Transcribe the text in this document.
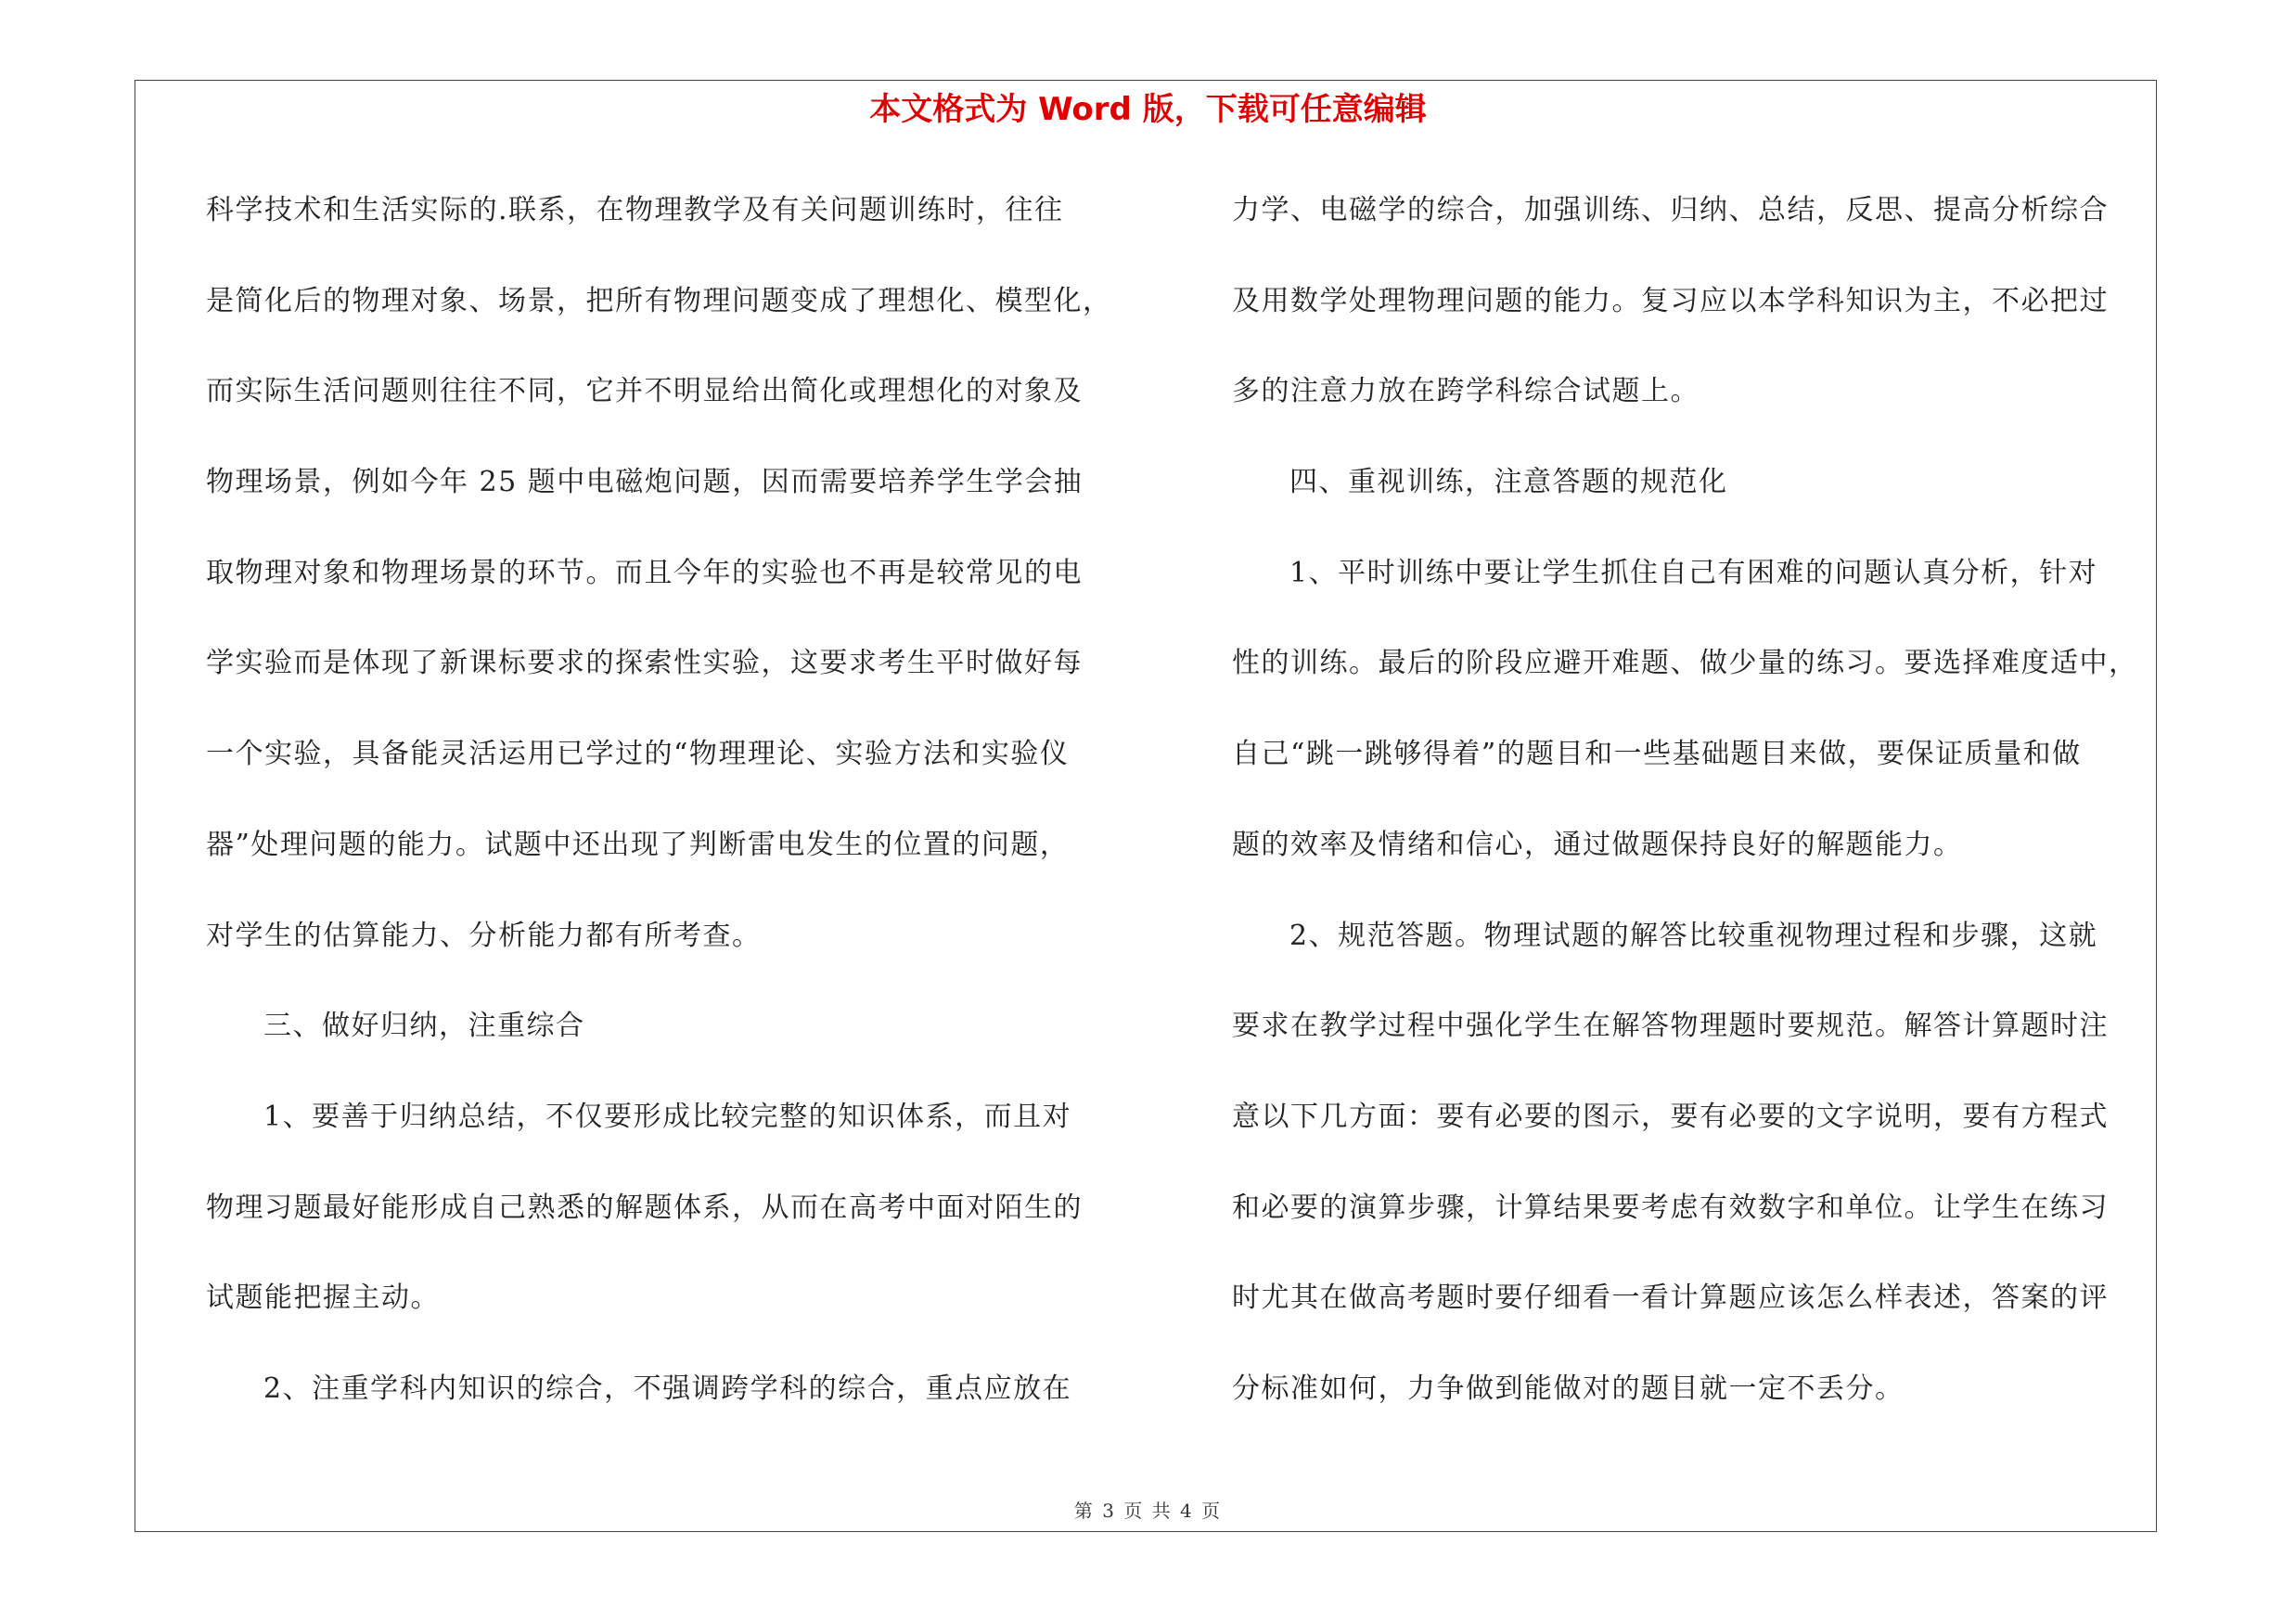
本文格式为 Word 版，下载可任意编辑
科学技术和生活实际的.联系，在物理教学及有关问题训练时，往往
是简化后的物理对象、场景，把所有物理问题变成了理想化、模型化，
而实际生活问题则往往不同，它并不明显给出简化或理想化的对象及
物理场景，例如今年 25 题中电磁炮问题，因而需要培养学生学会抽
取物理对象和物理场景的环节。而且今年的实验也不再是较常见的电
学实验而是体现了新课标要求的探索性实验，这要求考生平时做好每
一个实验，具备能灵活运用已学过的“物理理论、实验方法和实验仪
器”处理问题的能力。试题中还出现了判断雷电发生的位置的问题，
对学生的估算能力、分析能力都有所考查。
三、做好归纳，注重综合
1、要善于归纳总结，不仅要形成比较完整的知识体系，而且对
物理习题最好能形成自己熟悉的解题体系，从而在高考中面对陌生的
试题能把握主动。
2、注重学科内知识的综合，不强调跨学科的综合，重点应放在
力学、电磁学的综合，加强训练、归纳、总结，反思、提高分析综合
及用数学处理物理问题的能力。复习应以本学科知识为主，不必把过
多的注意力放在跨学科综合试题上。
四、重视训练，注意答题的规范化
1、平时训练中要让学生抓住自己有困难的问题认真分析，针对
性的训练。最后的阶段应避开难题、做少量的练习。要选择难度适中，
自己“跳一跳够得着”的题目和一些基础题目来做，要保证质量和做
题的效率及情绪和信心，通过做题保持良好的解题能力。
2、规范答题。物理试题的解答比较重视物理过程和步骤，这就
要求在教学过程中强化学生在解答物理题时要规范。解答计算题时注
意以下几方面：要有必要的图示，要有必要的文字说明，要有方程式
和必要的演算步骤，计算结果要考虑有效数字和单位。让学生在练习
时尤其在做高考题时要仔细看一看计算题应该怎么样表述，答案的评
分标准如何，力争做到能做对的题目就一定不丢分。
第 3 页 共 4 页
